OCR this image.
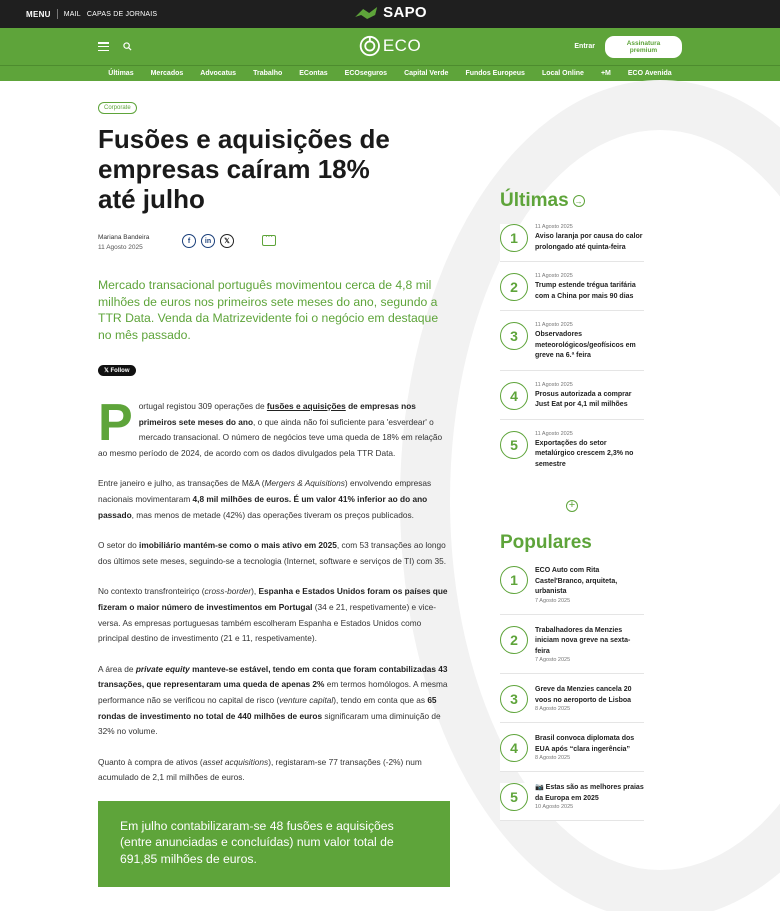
MENU MAIL CAPAS DE JORNAIS	SAPO
ECO	Entrar	Assinatura premium
Últimas	Mercados	Advocatus	Trabalho	EContas	ECOseguros	Capital Verde	Fundos Europeus	Local Online	+M	ECO Avenida
Corporate
Fusões e aquisições de empresas caíram 18% até julho
Mariana Bandeira
11 Agosto 2025
f	in	𝕏
···

Mercado transacional português movimentou cerca de 4,8 mil milhões de euros nos primeiros sete meses do ano, segundo a TTR Data. Venda da Matrizevidente foi o negócio em destaque no mês passado.

𝕏 Follow

Portugal registou 309 operações de fusões e aquisições de empresas nos primeiros sete meses do ano, o que ainda não foi suficiente para 'esverdear' o mercado transacional. O número de negócios teve uma queda de 18% em relação ao mesmo período de 2024, de acordo com os dados divulgados pela TTR Data.

Entre janeiro e julho, as transações de M&A (Mergers & Aquisitions) envolvendo empresas nacionais movimentaram 4,8 mil milhões de euros. É um valor 41% inferior ao do ano passado, mas menos de metade (42%) das operações tiveram os preços publicados.

O setor do imobiliário mantém-se como o mais ativo em 2025, com 53 transações ao longo dos últimos sete meses, seguindo-se a tecnologia (Internet, software e serviços de TI) com 35.

No contexto transfronteiriço (cross-border), Espanha e Estados Unidos foram os países que fizeram o maior número de investimentos em Portugal (34 e 21, respetivamente) e vice-versa. As empresas portuguesas também escolheram Espanha e Estados Unidos como principal destino de investimento (21 e 11, respetivamente).

A área de private equity manteve-se estável, tendo em conta que foram contabilizadas 43 transações, que representaram uma queda de apenas 2% em termos homólogos. A mesma performance não se verificou no capital de risco (venture capital), tendo em conta que as 65 rondas de investimento no total de 440 milhões de euros significaram uma diminuição de 32% no volume.

Quanto à compra de ativos (asset acquisitions), registaram-se 77 transações (-2%) num acumulado de 2,1 mil milhões de euros.

Em julho contabilizaram-se 48 fusões e aquisições (entre anunciadas e concluídas) num valor total de 691,85 milhões de euros.
Últimas →
1
11 Agosto 2025
Aviso laranja por causa do calor prolongado até quinta-feira
2
11 Agosto 2025
Trump estende trégua tarifária com a China por mais 90 dias
3
11 Agosto 2025
Observadores meteorológicos/geofísicos em greve na 6.ª feira
4
11 Agosto 2025
Prosus autorizada a comprar Just Eat por 4,1 mil milhões
5
11 Agosto 2025
Exportações do setor metalúrgico crescem 2,3% no semestre
+
Populares
1
ECO Auto com Rita Castel'Branco, arquiteta, urbanista
7 Agosto 2025
2
Trabalhadores da Menzies iniciam nova greve na sexta-feira
7 Agosto 2025
3
Greve da Menzies cancela 20 voos no aeroporto de Lisboa
8 Agosto 2025
4
Brasil convoca diplomata dos EUA após “clara ingerência”
8 Agosto 2025
5
📷 Estas são as melhores praias da Europa em 2025
10 Agosto 2025
